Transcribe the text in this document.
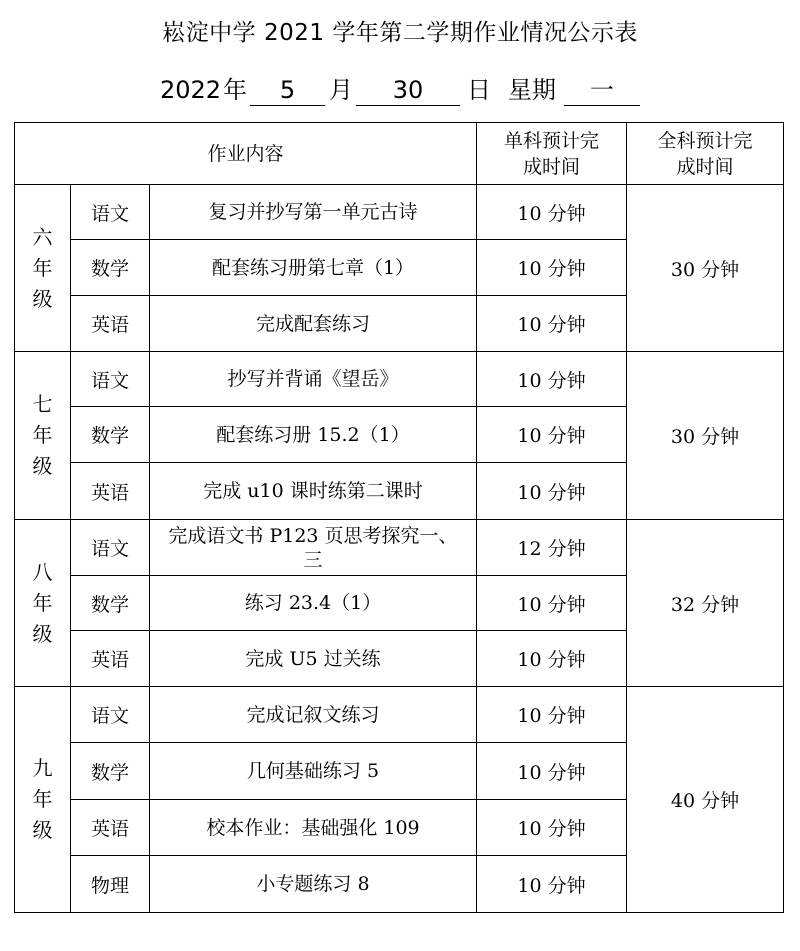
崧淀中学 2021 学年第二学期作业情况公示表
2022 年	5	月	30	日 星期	一
作业内容			单科预计完成时间	全科预计完成时间

六
年
级	语文	复习并抄写第一单元古诗	10 分钟	30 分钟
	数学	配套练习册第七章（1）	10 分钟	
	英语	完成配套练习	10 分钟	

七
年
级	语文	抄写并背诵《望岳》	10 分钟	30 分钟
	数学	配套练习册 15.2（1）	10 分钟	
	英语	完成 u10 课时练第二课时	10 分钟	

八
年
级	语文	完成语文书 P123 页思考探究一、三	12 分钟	32 分钟
	数学	练习 23.4（1）	10 分钟	
	英语	完成 U5 过关练	10 分钟	

九
年
级	语文	完成记叙文练习	10 分钟	40 分钟
	数学	几何基础练习 5	10 分钟	
	英语	校本作业：基础强化 109	10 分钟	
	物理	小专题练习 8	10 分钟	
